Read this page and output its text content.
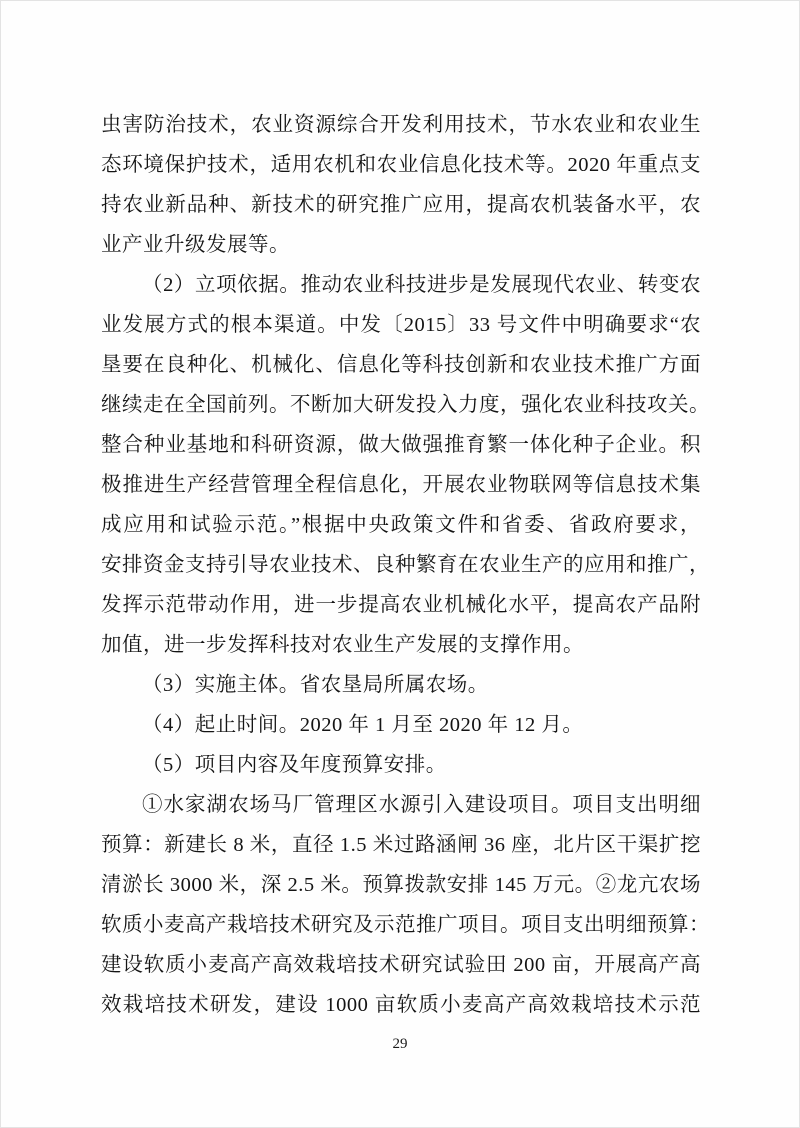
虫害防治技术，农业资源综合开发利用技术，节水农业和农业生
态环境保护技术，适用农机和农业信息化技术等。2020 年重点支
持农业新品种、新技术的研究推广应用，提高农机装备水平，农
业产业升级发展等。
（2）立项依据。推动农业科技进步是发展现代农业、转变农
业发展方式的根本渠道。中发〔2015〕33 号文件中明确要求“农
垦要在良种化、机械化、信息化等科技创新和农业技术推广方面
继续走在全国前列。不断加大研发投入力度，强化农业科技攻关。
整合种业基地和科研资源，做大做强推育繁一体化种子企业。积
极推进生产经营管理全程信息化，开展农业物联网等信息技术集
成应用和试验示范。”根据中央政策文件和省委、省政府要求，
安排资金支持引导农业技术、良种繁育在农业生产的应用和推广，
发挥示范带动作用，进一步提高农业机械化水平，提高农产品附
加值，进一步发挥科技对农业生产发展的支撑作用。
（3）实施主体。省农垦局所属农场。
（4）起止时间。2020 年 1 月至 2020 年 12 月。
（5）项目内容及年度预算安排。
①水家湖农场马厂管理区水源引入建设项目。项目支出明细
预算：新建长 8 米，直径 1.5 米过路涵闸 36 座，北片区干渠扩挖
清淤长 3000 米，深 2.5 米。预算拨款安排 145 万元。②龙亢农场
软质小麦高产栽培技术研究及示范推广项目。项目支出明细预算：
建设软质小麦高产高效栽培技术研究试验田 200 亩，开展高产高
效栽培技术研发，建设 1000 亩软质小麦高产高效栽培技术示范
29
